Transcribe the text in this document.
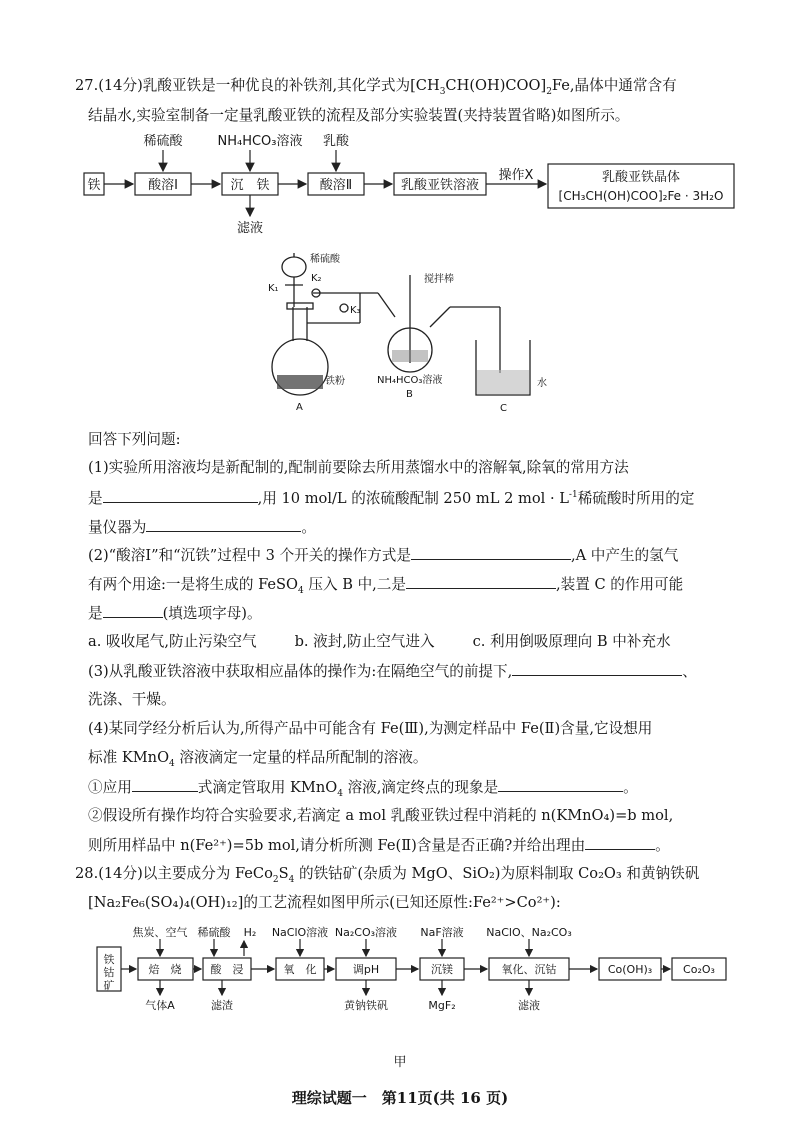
27.(14分)乳酸亚铁是一种优良的补铁剂,其化学式为$[CH_3CH(OH)COO]_2Fe$,晶体中通常含有
结晶水,实验室制备一定量乳酸亚铁的流程及部分实验装置(夹持装置省略)如图所示。
铁	酸溶Ⅰ	沉　铁	酸溶Ⅱ	乳酸亚铁溶液
乳酸亚铁晶体
[CH₃CH(OH)COO]₂Fe · 3H₂O
稀硫酸	NH₄HCO₃溶液 乳酸
滤液
操作X
稀硫酸
K₂
K₁
K₃
铁粉
搅拌棒
NH₄HCO₃溶液	水
A
B
C
回答下列问题:
(1)实验所用溶液均是新配制的,配制前要除去所用蒸馏水中的溶解氧,除氧的常用方法
是	,用 10 mol/L 的浓硫酸配制 250 mL 2 mol · $L^{-1}$稀硫酸时所用的定
量仪器为	。
(2)“酸溶Ⅰ”和“沉铁”过程中 3 个开关的操作方式是	,A 中产生的氢气
有两个用途:一是将生成的 FeSO$_4$ 压入 B 中,二是	,装置 C 的作用可能
是	(填选项字母)。
a. 吸收尾气,防止污染空气	b. 液封,防止空气进入	c. 利用倒吸原理向 B 中补充水
(3)从乳酸亚铁溶液中获取相应晶体的操作为:在隔绝空气的前提下,	、
洗涤、干燥。
(4)某同学经分析后认为,所得产品中可能含有 Fe(Ⅲ),为测定样品中 Fe(Ⅱ)含量,它设想用
标准 KMnO$_4$ 溶液滴定一定量的样品所配制的溶液。
①应用	式滴定管取用 KMnO$_4$ 溶液,滴定终点的现象是	。
②假设所有操作均符合实验要求,若滴定 a mol 乳酸亚铁过程中消耗的 n(KMnO₄)=b mol,
则所用样品中 n(Fe²⁺)=5b mol,请分析所测 Fe(Ⅱ)含量是否正确?并给出理由	。
28.(14分)以主要成分为 $FeCo_2S_4$ 的铁钴矿(杂质为 MgO、SiO₂)为原料制取 Co₂O₃ 和黄钠铁矾
[Na₂Fe₆(SO₄)₄(OH)₁₂]的工艺流程如图甲所示(已知还原性:Fe²⁺>Co²⁺):
铁
钴
矿
焙　烧	酸　浸	氧　化	调pH	沉镁	氧化、沉钴	Co(OH)₃	Co₂O₃
焦炭、空气 稀硫酸 H₂ NaClO溶液 Na₂CO₃溶液 NaF溶液 NaClO、Na₂CO₃
气体A	滤渣	黄钠铁矾	MgF₂	滤液
甲
理综试题一　第11页(共 16 页)
